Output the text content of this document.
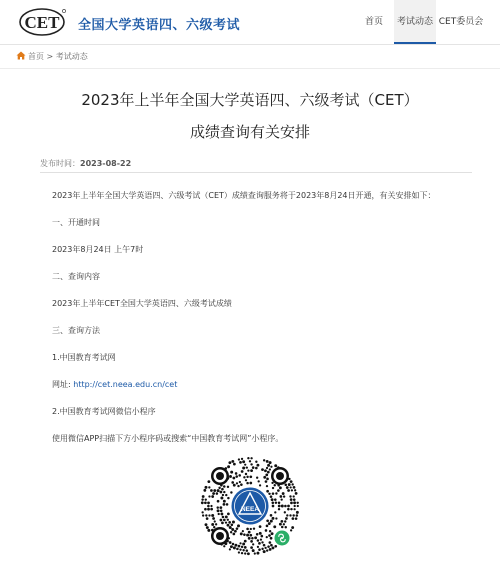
CET 全国大学英语四、六级考试	首页	考试动态 CET委员会
首页 > 考试动态
2023年上半年全国大学英语四、六级考试（CET）
成绩查询有关安排
发布时间：2023-08-22
2023年上半年全国大学英语四、六级考试（CET）成绩查询服务将于2023年8月24日开通，有关安排如下：
一、开通时间
2023年8月24日 上午7时
二、查询内容
2023年上半年CET全国大学英语四、六级考试成绩
三、查询方法
1.中国教育考试网
网址: http://cet.neea.edu.cn/cet
2.中国教育考试网微信小程序
使用微信APP扫描下方小程序码或搜索“中国教育考试网”小程序。
NEEA
